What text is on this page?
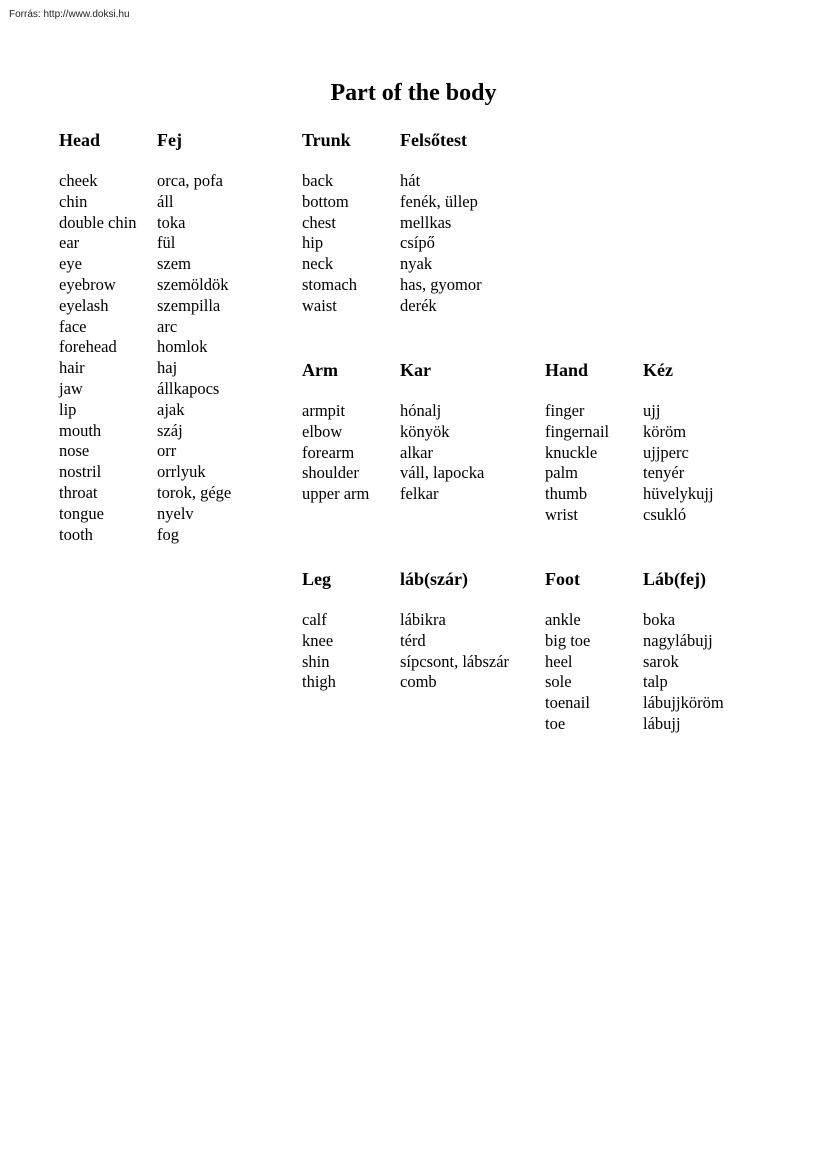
Forrás: http://www.doksi.hu
Part of the body
Head	Fej
cheek	orca, pofa
chin	áll
double chin toka
ear	fül
eye	szem
eyebrow szemöldök
eyelash	szempilla
face	arc
forehead homlok
hair	haj
jaw	állkapocs
lip	ajak
mouth	száj
nose	orr
nostril	orrlyuk
throat	torok, gége
tongue	nyelv
tooth	fog
Trunk	Felsőtest
back	hát
bottom	fenék, üllep
chest	mellkas
hip	csípő
neck	nyak
stomach	has, gyomor
waist	derék
Arm	Kar
armpit	hónalj
elbow	könyök
forearm	alkar
shoulder váll, lapocka
upper arm felkar
Hand	Kéz
finger	ujj
fingernail köröm
knuckle	ujjperc
palm	tenyér
thumb	hüvelykujj
wrist	csukló
Leg	láb(szár)
calf	lábikra
knee	térd
shin	sípcsont, lábszár
thigh	comb
Foot	Láb(fej)
ankle	boka
big toe	nagylábujj
heel	sarok
sole	talp
toenail	lábujjköröm
toe	lábujj
